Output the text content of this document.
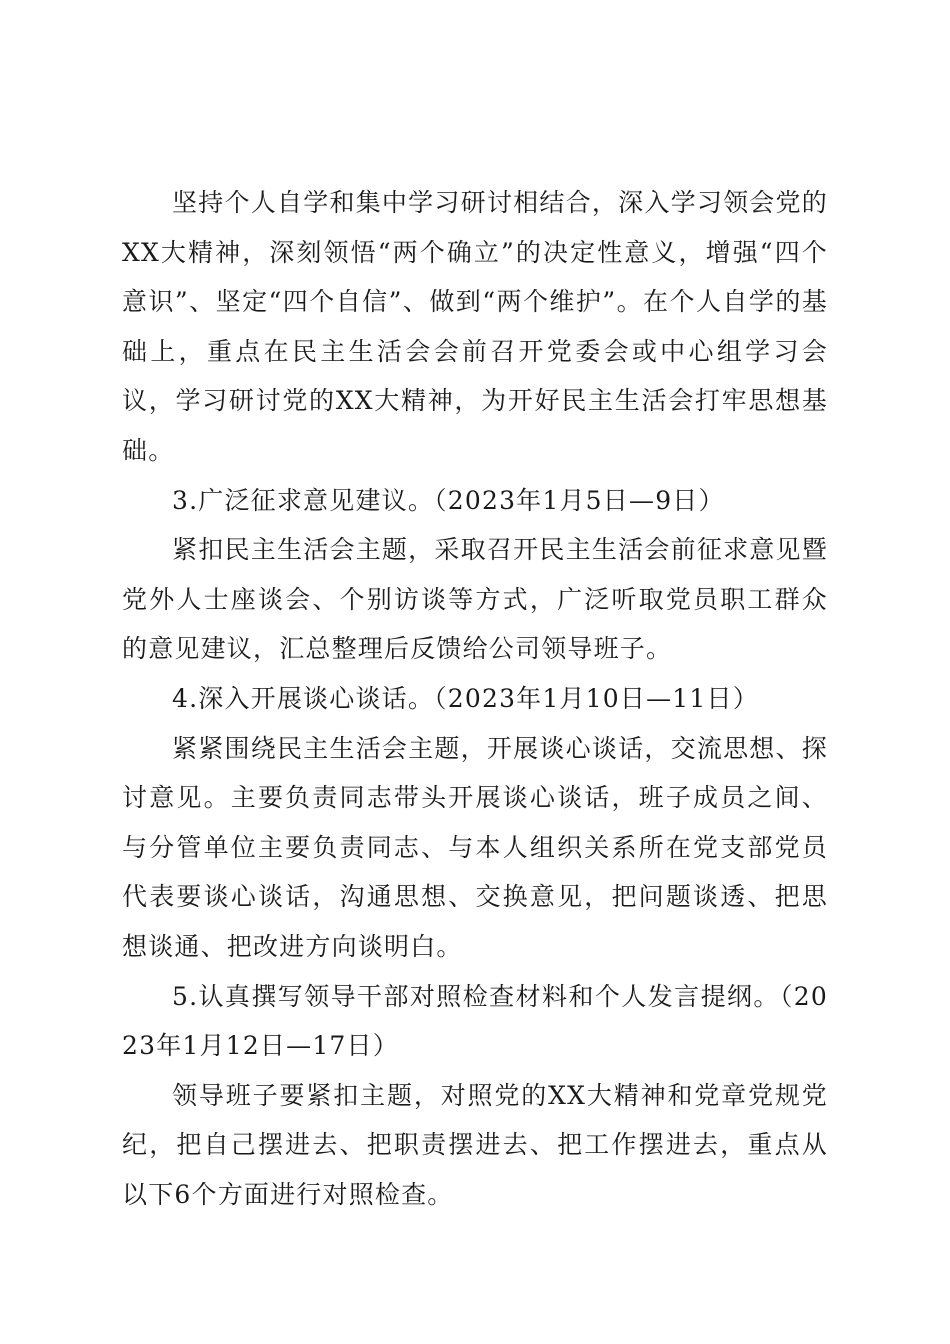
坚持个人自学和集中学习研讨相结合，深入学习领会党的XX大精神，深刻领悟“两个确立”的决定性意义，增强“四个意识”、坚定“四个自信”、做到“两个维护”。在个人自学的基础上，重点在民主生活会会前召开党委会或中心组学习会议，学习研讨党的XX大精神，为开好民主生活会打牢思想基础。

3.广泛征求意见建议。（2023年1月5日—9日）

紧扣民主生活会主题，采取召开民主生活会前征求意见暨党外人士座谈会、个别访谈等方式，广泛听取党员职工群众的意见建议，汇总整理后反馈给公司领导班子。

4.深入开展谈心谈话。（2023年1月10日—11日）

紧紧围绕民主生活会主题，开展谈心谈话，交流思想、探讨意见。主要负责同志带头开展谈心谈话，班子成员之间、与分管单位主要负责同志、与本人组织关系所在党支部党员代表要谈心谈话，沟通思想、交换意见，把问题谈透、把思想谈通、把改进方向谈明白。

5.认真撰写领导干部对照检查材料和个人发言提纲。（2023年1月12日—17日）

领导班子要紧扣主题，对照党的XX大精神和党章党规党纪，把自己摆进去、把职责摆进去、把工作摆进去，重点从以下6个方面进行对照检查。
